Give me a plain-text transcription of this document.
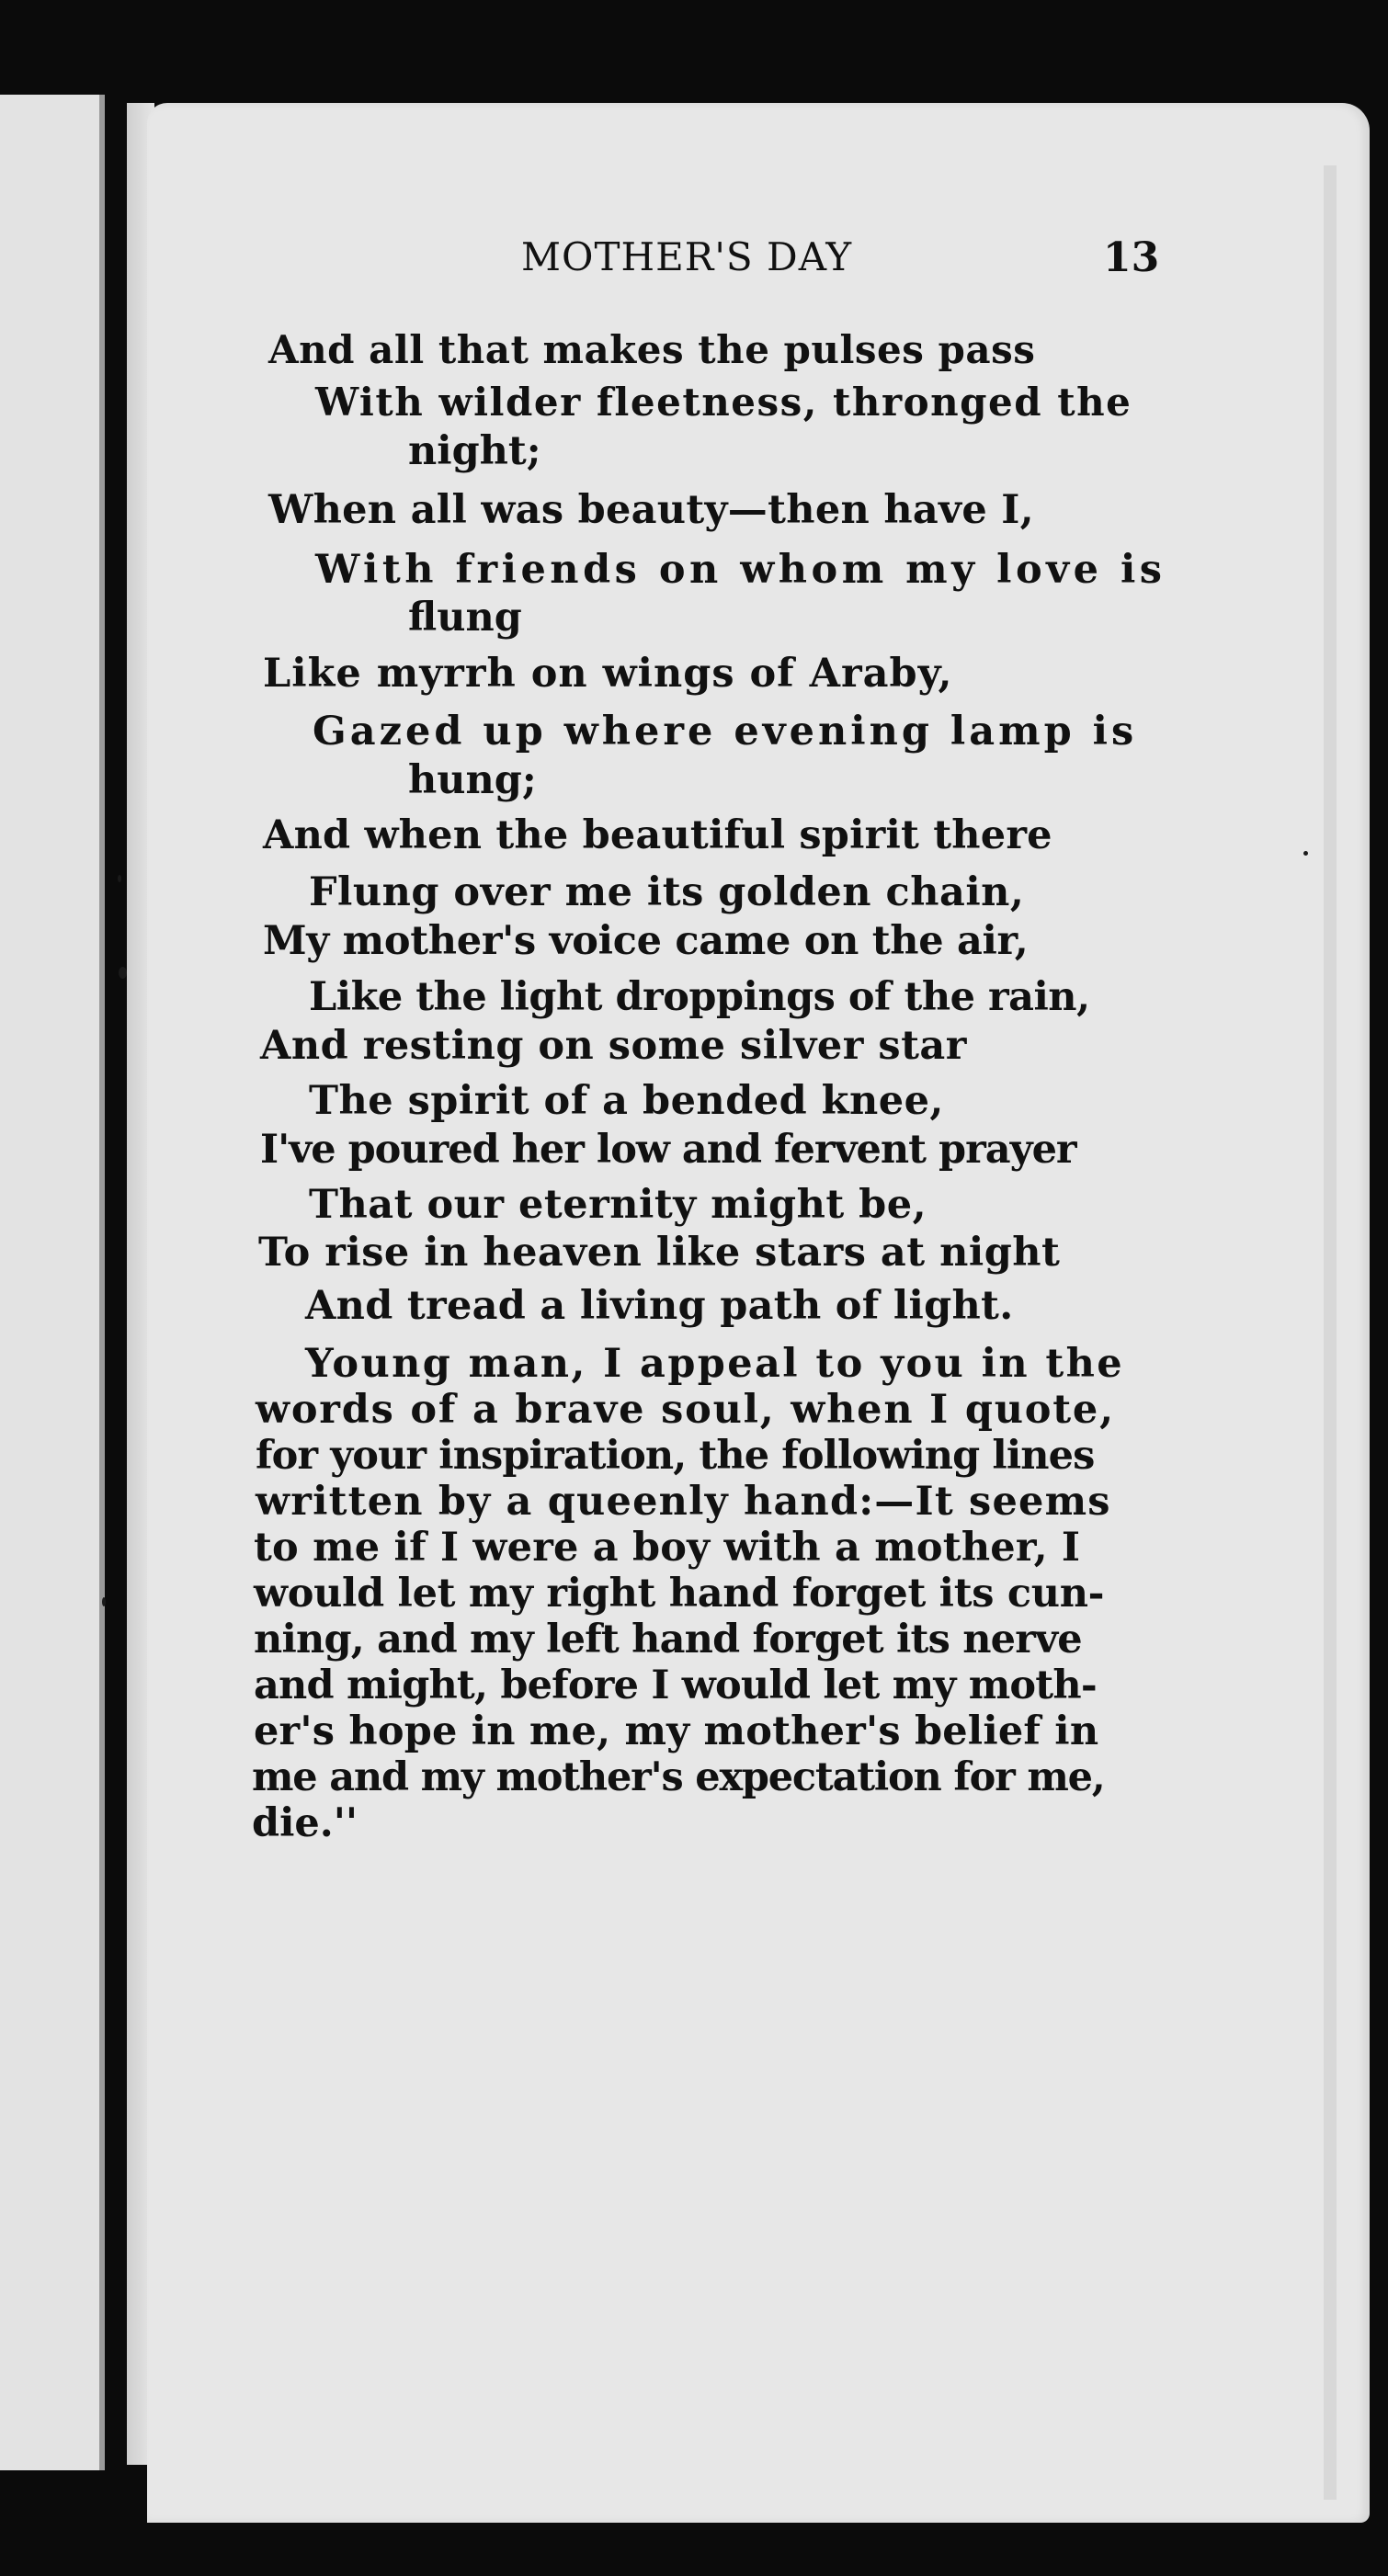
MOTHER'S DAY	13
And all that makes the pulses pass
With wilder fleetness, thronged the
night;
When all was beauty—then have I,
With friends on whom my love is
flung
Like myrrh on wings of Araby,
Gazed up where evening lamp is
hung;
And when the beautiful spirit there
Flung over me its golden chain,
My mother's voice came on the air,
Like the light droppings of the rain,
And resting on some silver star
The spirit of a bended knee,
I've poured her low and fervent prayer
That our eternity might be,
To rise in heaven like stars at night
And tread a living path of light.
Young man, I appeal to you in the
words of a brave soul, when I quote,
for your inspiration, the following lines
written by a queenly hand:—It seems
to me if I were a boy with a mother, I
would let my right hand forget its cun-
ning, and my left hand forget its nerve
and might, before I would let my moth-
er's hope in me, my mother's belief in
me and my mother's expectation for me,
die.''
